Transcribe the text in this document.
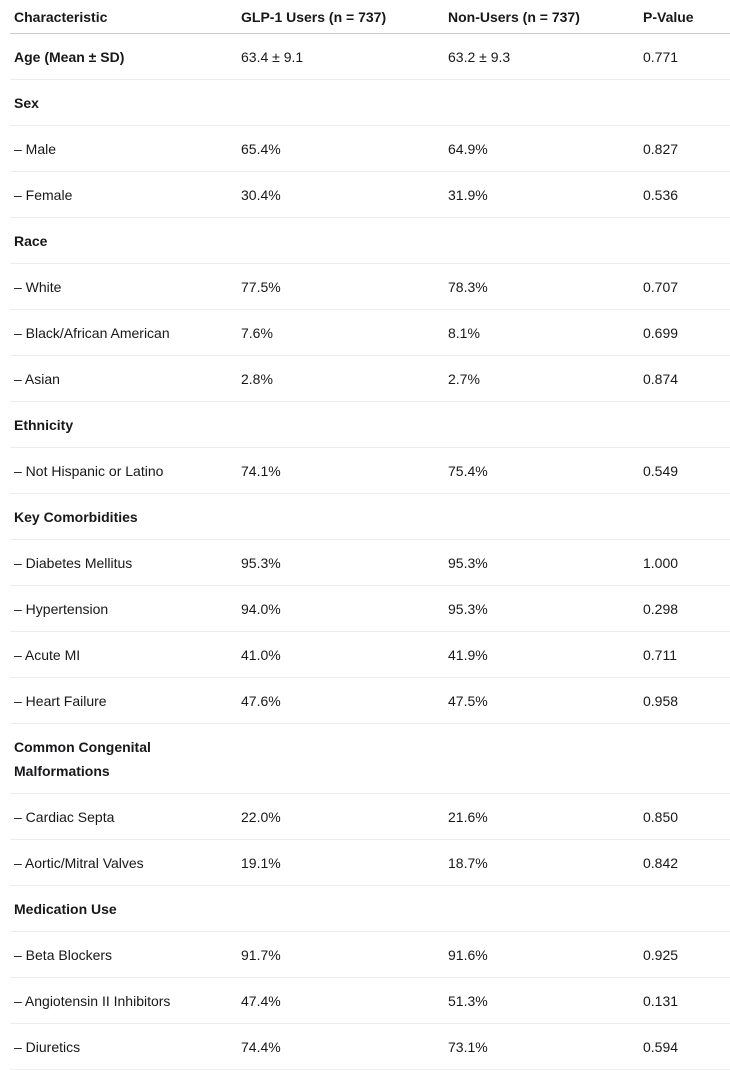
Characteristic	GLP-1 Users (n = 737)	Non-Users (n = 737)	P-Value
Age (Mean ± SD)	63.4 ± 9.1	63.2 ± 9.3	0.771
Sex			
– Male	65.4%	64.9%	0.827
– Female	30.4%	31.9%	0.536
Race			
– White	77.5%	78.3%	0.707
– Black/African American	7.6%	8.1%	0.699
– Asian	2.8%	2.7%	0.874
Ethnicity			
– Not Hispanic or Latino	74.1%	75.4%	0.549
Key Comorbidities			
– Diabetes Mellitus	95.3%	95.3%	1.000
– Hypertension	94.0%	95.3%	0.298
– Acute MI	41.0%	41.9%	0.711
– Heart Failure	47.6%	47.5%	0.958
Common Congenital Malformations			
– Cardiac Septa	22.0%	21.6%	0.850
– Aortic/Mitral Valves	19.1%	18.7%	0.842
Medication Use			
– Beta Blockers	91.7%	91.6%	0.925
– Angiotensin II Inhibitors	47.4%	51.3%	0.131
– Diuretics	74.4%	73.1%	0.594
